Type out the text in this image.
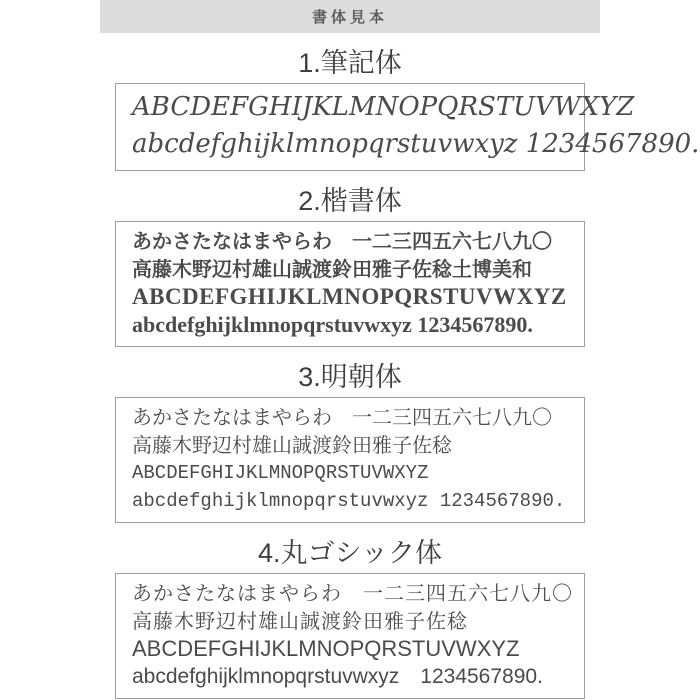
書体見本
1.筆記体
ABCDEFGHIJKLMNOPQRSTUVWXYZ
abcdefghijklmnopqrstuvwxyz 1234567890.
2.楷書体
あかさたなはまやらわ　一二三四五六七八九〇
高藤木野辺村雄山誠渡鈴田雅子佐稔土博美和
ABCDEFGHIJKLMNOPQRSTUVWXYZ
abcdefghijklmnopqrstuvwxyz 1234567890.
3.明朝体
あかさたなはまやらわ　一二三四五六七八九〇
高藤木野辺村雄山誠渡鈴田雅子佐稔
ABCDEFGHIJKLMNOPQRSTUVWXYZ
abcdefghijklmnopqrstuvwxyz 1234567890.
4.丸ゴシック体
あかさたなはまやらわ　一二三四五六七八九〇
高藤木野辺村雄山誠渡鈴田雅子佐稔
ABCDEFGHIJKLMNOPQRSTUVWXYZ
abcdefghijklmnopqrstuvwxyz　1234567890.
